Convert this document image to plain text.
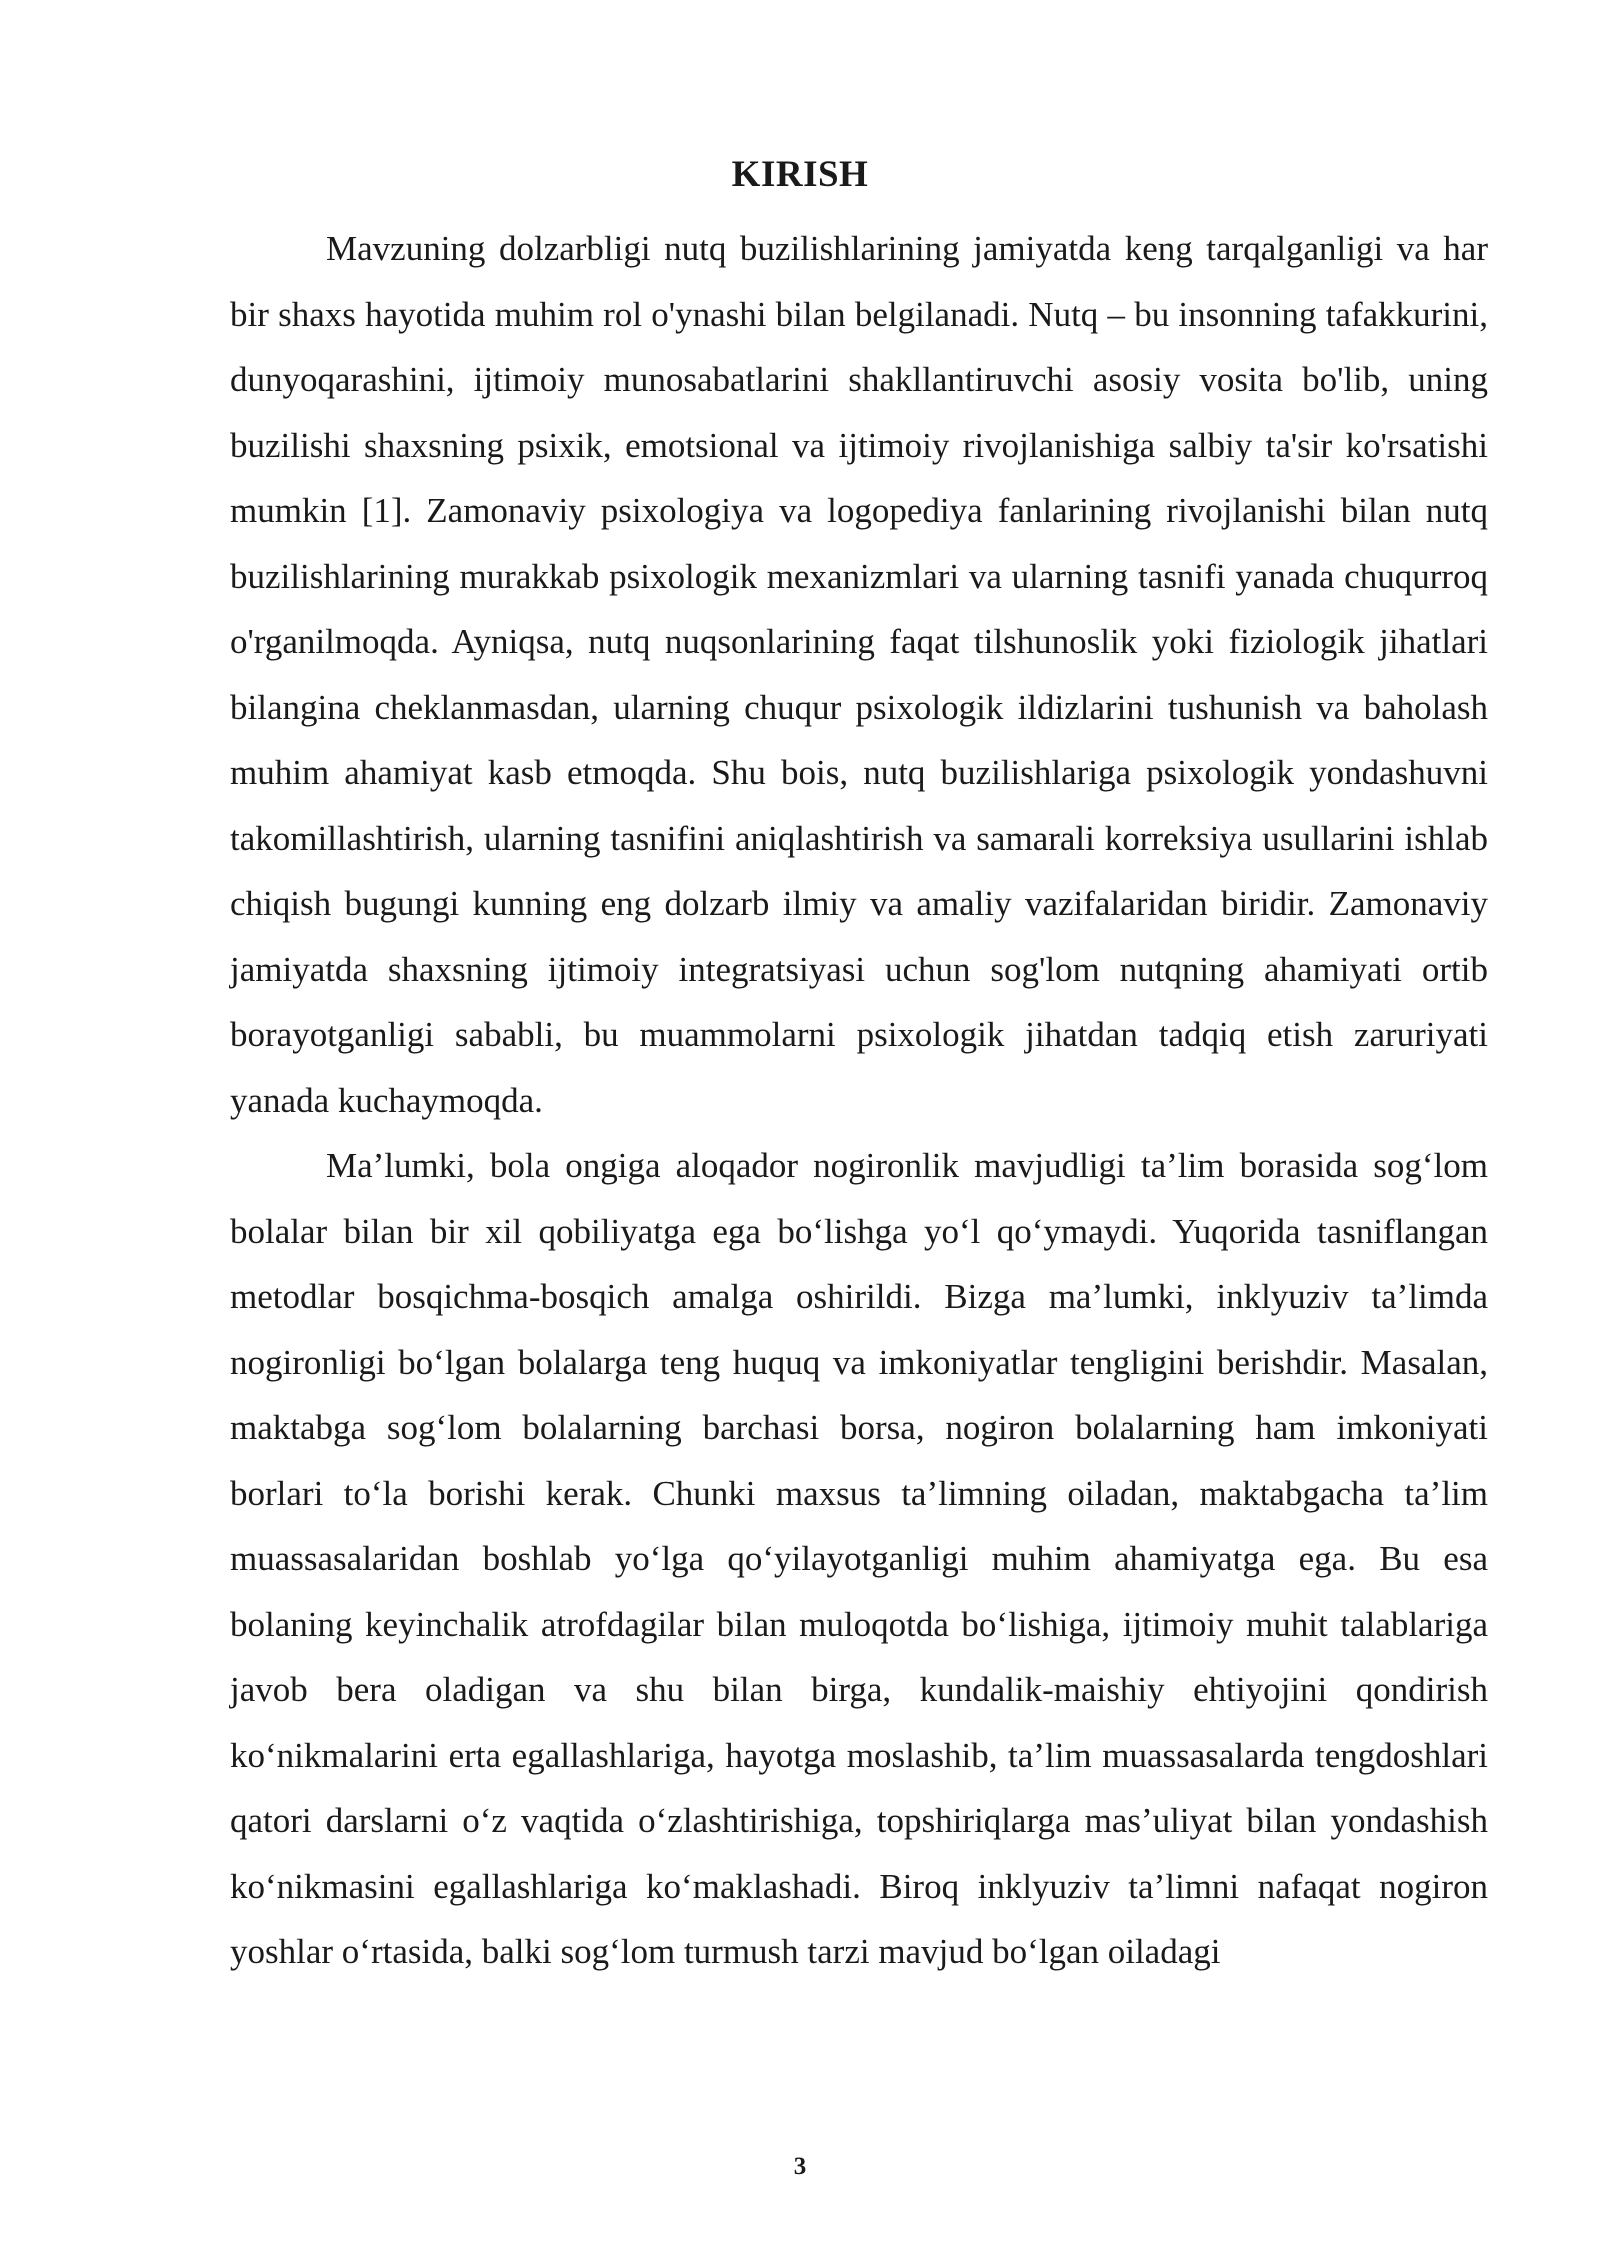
KIRISH

Mavzuning dolzarbligi nutq buzilishlarining jamiyatda keng tarqalganligi va har bir shaxs hayotida muhim rol o'ynashi bilan belgilanadi. Nutq – bu insonning tafakkurini, dunyoqarashini, ijtimoiy munosabatlarini shakllantiruvchi asosiy vosita bo'lib, uning buzilishi shaxsning psixik, emotsional va ijtimoiy rivojlanishiga salbiy ta'sir ko'rsatishi mumkin [1]. Zamonaviy psixologiya va logopediya fanlarining rivojlanishi bilan nutq buzilishlarining murakkab psixologik mexanizmlari va ularning tasnifi yanada chuqurroq o'rganilmoqda. Ayniqsa, nutq nuqsonlarining faqat tilshunoslik yoki fiziologik jihatlari bilangina cheklanmasdan, ularning chuqur psixologik ildizlarini tushunish va baholash muhim ahamiyat kasb etmoqda. Shu bois, nutq buzilishlariga psixologik yondashuvni takomillashtirish, ularning tasnifini aniqlashtirish va samarali korreksiya usullarini ishlab chiqish bugungi kunning eng dolzarb ilmiy va amaliy vazifalaridan biridir. Zamonaviy jamiyatda shaxsning ijtimoiy integratsiyasi uchun sog'lom nutqning ahamiyati ortib borayotganligi sababli, bu muammolarni psixologik jihatdan tadqiq etish zaruriyati yanada kuchaymoqda.

Ma’lumki, bola ongiga aloqador nogironlik mavjudligi ta’lim borasida sog‘lom bolalar bilan bir xil qobiliyatga ega bo‘lishga yo‘l qo‘ymaydi. Yuqorida tasniflangan metodlar bosqichma-bosqich amalga oshirildi. Bizga ma’lumki, inklyuziv ta’limda nogironligi bo‘lgan bolalarga teng huquq va imkoniyatlar tengligini berishdir. Masalan, maktabga sog‘lom bolalarning barchasi borsa, nogiron bolalarning ham imkoniyati borlari to‘la borishi kerak. Chunki maxsus ta’limning oiladan, maktabgacha ta’lim muassasalaridan boshlab yo‘lga qo‘yilayotganligi muhim ahamiyatga ega. Bu esa bolaning keyinchalik atrofdagilar bilan muloqotda bo‘lishiga, ijtimoiy muhit talablariga javob bera oladigan va shu bilan birga, kundalik-maishiy ehtiyojini qondirish ko‘nikmalarini erta egallashlariga, hayotga moslashib, ta’lim muassasalarda tengdoshlari qatori darslarni o‘z vaqtida o‘zlashtirishiga, topshiriqlarga mas’uliyat bilan yondashish ko‘nikmasini egallashlariga ko‘maklashadi. Biroq inklyuziv ta’limni nafaqat nogiron yoshlar o‘rtasida, balki sog‘lom turmush tarzi mavjud bo‘lgan oiladagi

3
